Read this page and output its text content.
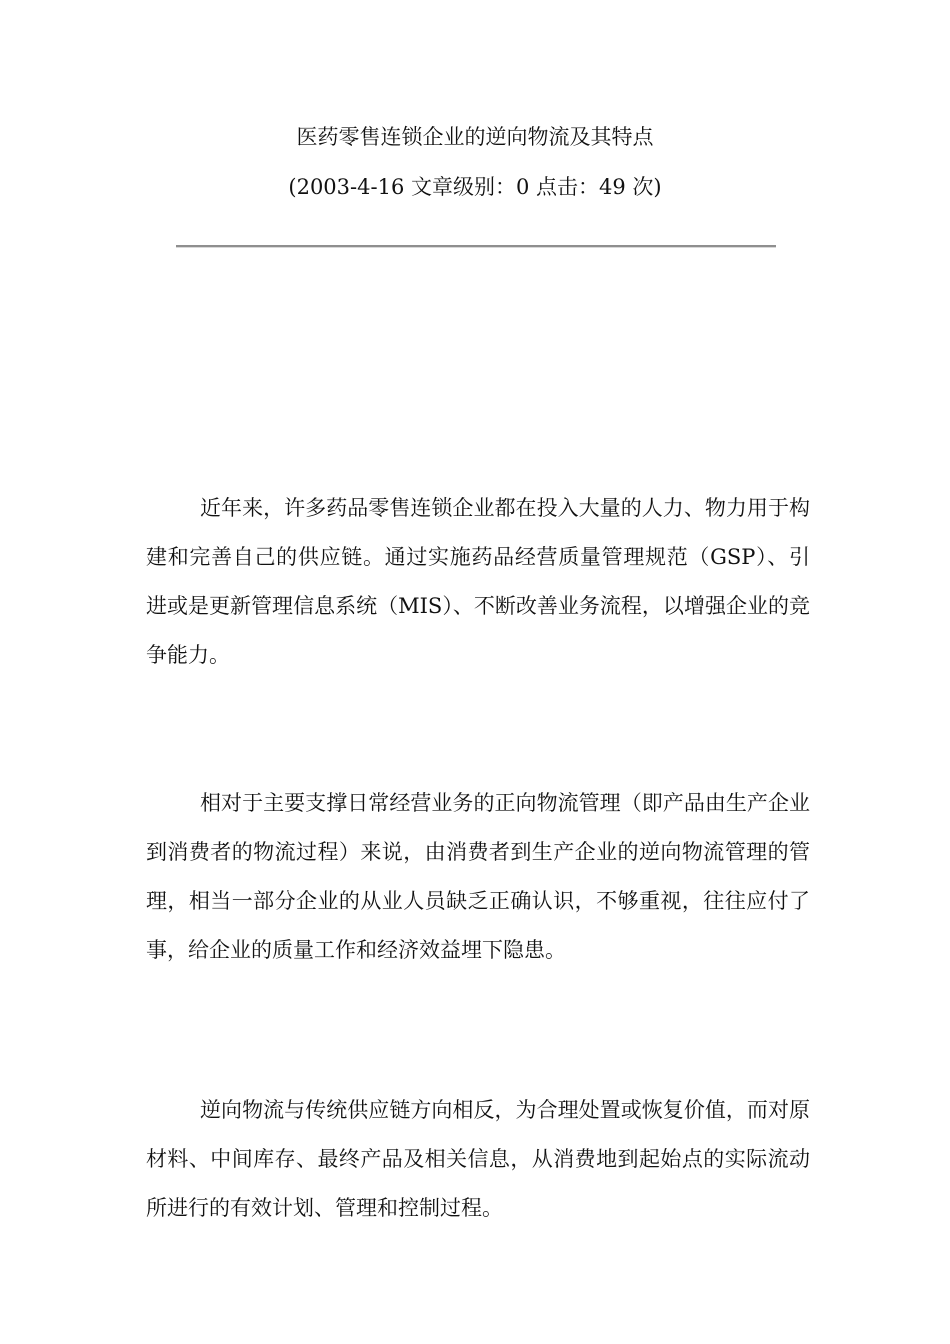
医药零售连锁企业的逆向物流及其特点
(2003-4-16 文章级别：0 点击：49 次)

近年来，许多药品零售连锁企业都在投入大量的人力、物力用于构建和完善自己的供应链。通过实施药品经营质量管理规范（GSP）、引进或是更新管理信息系统（MIS）、不断改善业务流程，以增强企业的竞争能力。

相对于主要支撑日常经营业务的正向物流管理（即产品由生产企业到消费者的物流过程）来说，由消费者到生产企业的逆向物流管理的管理，相当一部分企业的从业人员缺乏正确认识，不够重视，往往应付了事，给企业的质量工作和经济效益埋下隐患。

逆向物流与传统供应链方向相反，为合理处置或恢复价值，而对原材料、中间库存、最终产品及相关信息，从消费地到起始点的实际流动所进行的有效计划、管理和控制过程。
